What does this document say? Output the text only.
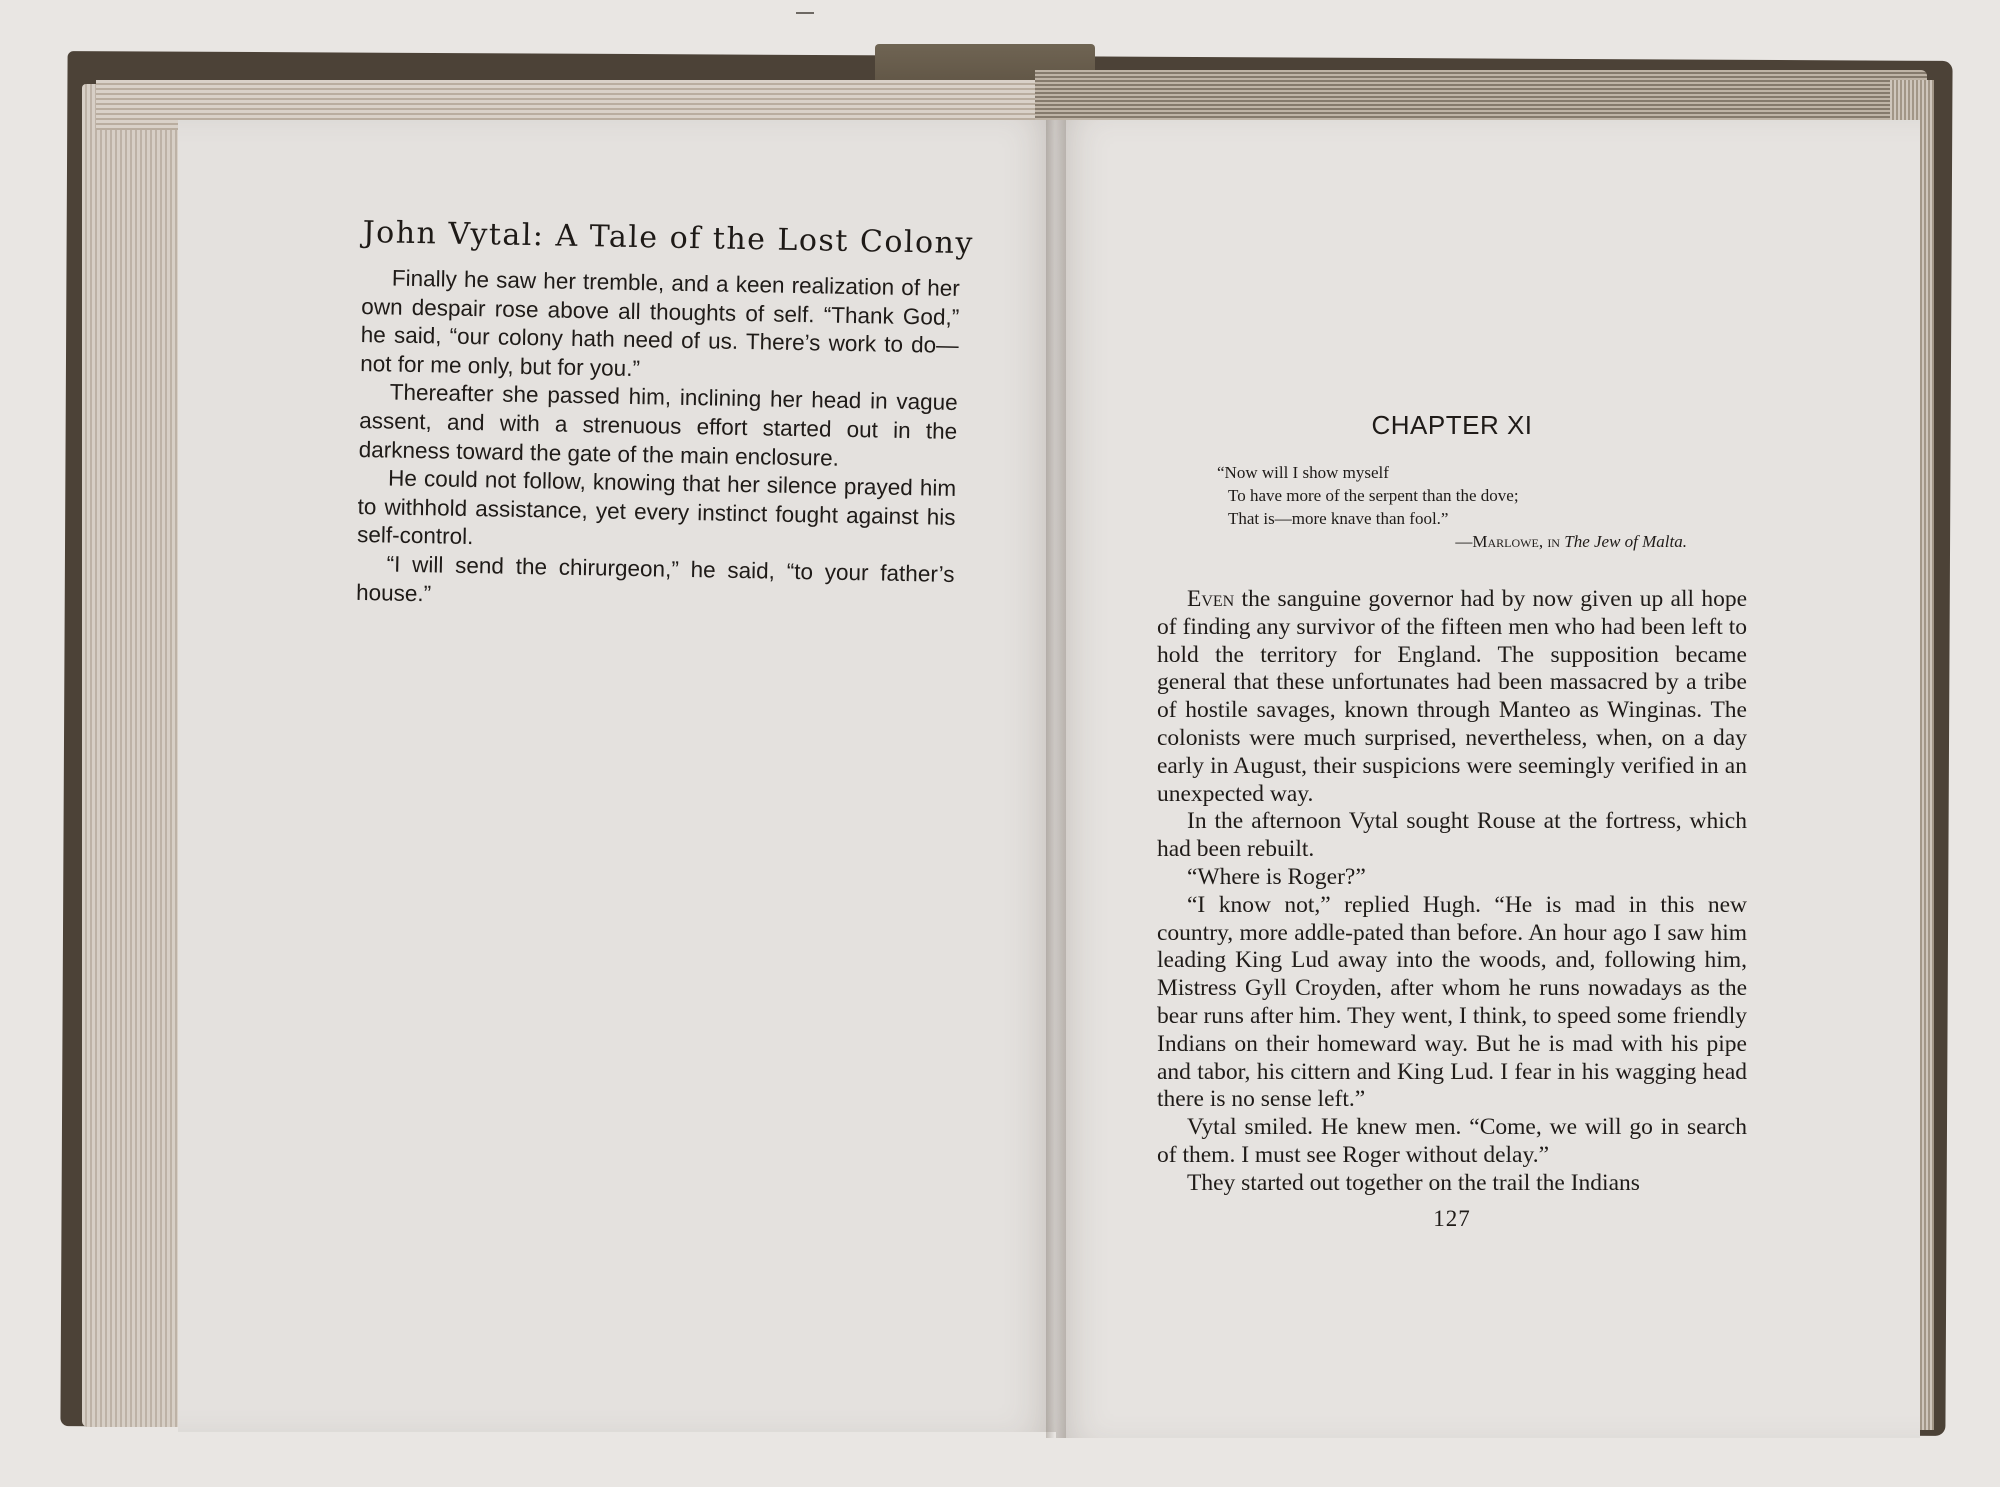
John Vytal: A Tale of the Lost Colony

Finally he saw her tremble, and a keen realization of her own despair rose above all thoughts of self. “Thank God,” he said, “our colony hath need of us. There’s work to do—not for me only, but for you.”

Thereafter she passed him, inclining her head in vague assent, and with a strenuous effort started out in the darkness toward the gate of the main enclosure.

He could not follow, knowing that her silence prayed him to withhold assistance, yet every instinct fought against his self-control.

“I will send the chirurgeon,” he said, “to your father’s house.”

CHAPTER XI
“Now will I show myself
To have more of the serpent than the dove;
That is—more knave than fool.”
—Marlowe, in The Jew of Malta.

Even the sanguine governor had by now given up all hope of finding any survivor of the fifteen men who had been left to hold the territory for England. The supposition became general that these unfortunates had been massacred by a tribe of hostile savages, known through Manteo as Winginas. The colonists were much surprised, nevertheless, when, on a day early in August, their suspicions were seemingly verified in an unexpected way.

In the afternoon Vytal sought Rouse at the fortress, which had been rebuilt.

“Where is Roger?”

“I know not,” replied Hugh. “He is mad in this new country, more addle-pated than before. An hour ago I saw him leading King Lud away into the woods, and, following him, Mistress Gyll Croyden, after whom he runs nowadays as the bear runs after him. They went, I think, to speed some friendly Indians on their homeward way. But he is mad with his pipe and tabor, his cittern and King Lud. I fear in his wagging head there is no sense left.”

Vytal smiled. He knew men. “Come, we will go in search of them. I must see Roger without delay.”

They started out together on the trail the Indians

127
